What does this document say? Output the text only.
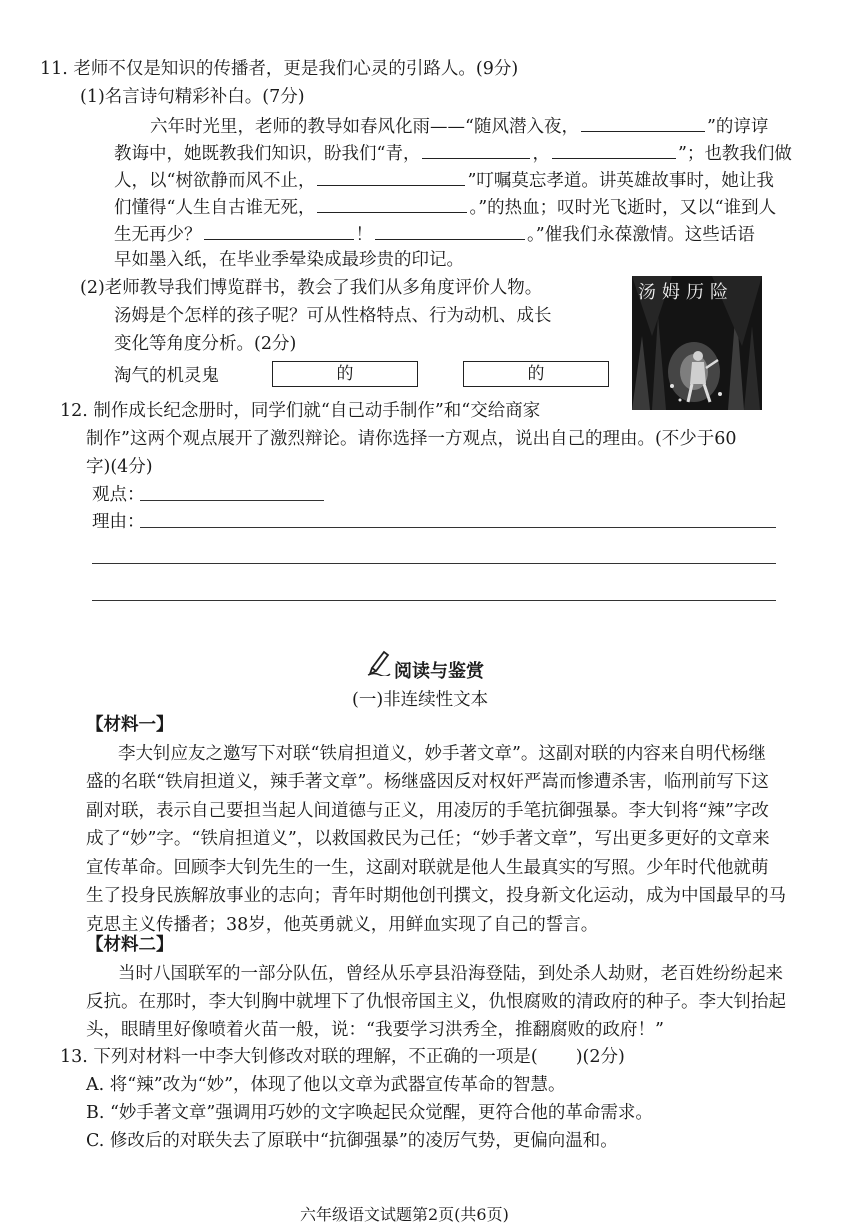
11. 老师不仅是知识的传播者，更是我们心灵的引路人。(9分)
(1)名言诗句精彩补白。(7分)
六年时光里，老师的教导如春风化雨——“随风潜入夜，	”的谆谆
教诲中，她既教我们知识，盼我们“青，	，	”；也教我们做
人，以“树欲静而风不止，	”叮嘱莫忘孝道。讲英雄故事时，她让我
们懂得“人生自古谁无死，	。”的热血；叹时光飞逝时，又以“谁到人
生无再少？	！	。”催我们永葆激情。这些话语
早如墨入纸，在毕业季晕染成最珍贵的印记。
(2)老师教导我们博览群书，教会了我们从多角度评价人物。
汤姆是个怎样的孩子呢？可从性格特点、行为动机、成长
变化等角度分析。(2分)
淘气的机灵鬼	的	的
汤姆历险
12. 制作成长纪念册时，同学们就“自己动手制作”和“交给商家
制作”这两个观点展开了激烈辩论。请你选择一方观点，说出自己的理由。(不少于60
字)(4分)
观点：
理由：
阅读与鉴赏
(一)非连续性文本
【材料一】
李大钊应友之邀写下对联“铁肩担道义，妙手著文章”。这副对联的内容来自明代杨继
盛的名联“铁肩担道义，辣手著文章”。杨继盛因反对权奸严嵩而惨遭杀害，临刑前写下这
副对联，表示自己要担当起人间道德与正义，用凌厉的手笔抗御强暴。李大钊将“辣”字改
成了“妙”字。“铁肩担道义”，以救国救民为己任；“妙手著文章”，写出更多更好的文章来
宣传革命。回顾李大钊先生的一生，这副对联就是他人生最真实的写照。少年时代他就萌
生了投身民族解放事业的志向；青年时期他创刊撰文，投身新文化运动，成为中国最早的马
克思主义传播者；38岁，他英勇就义，用鲜血实现了自己的誓言。
【材料二】
当时八国联军的一部分队伍，曾经从乐亭县沿海登陆，到处杀人劫财，老百姓纷纷起来
反抗。在那时，李大钊胸中就埋下了仇恨帝国主义，仇恨腐败的清政府的种子。李大钊抬起
头，眼睛里好像喷着火苗一般，说：“我要学习洪秀全，推翻腐败的政府！”
13. 下列对材料一中李大钊修改对联的理解，不正确的一项是( )(2分)
A. 将“辣”改为“妙”，体现了他以文章为武器宣传革命的智慧。
B. “妙手著文章”强调用巧妙的文字唤起民众觉醒，更符合他的革命需求。
C. 修改后的对联失去了原联中“抗御强暴”的凌厉气势，更偏向温和。
六年级语文试题第2页(共6页)
